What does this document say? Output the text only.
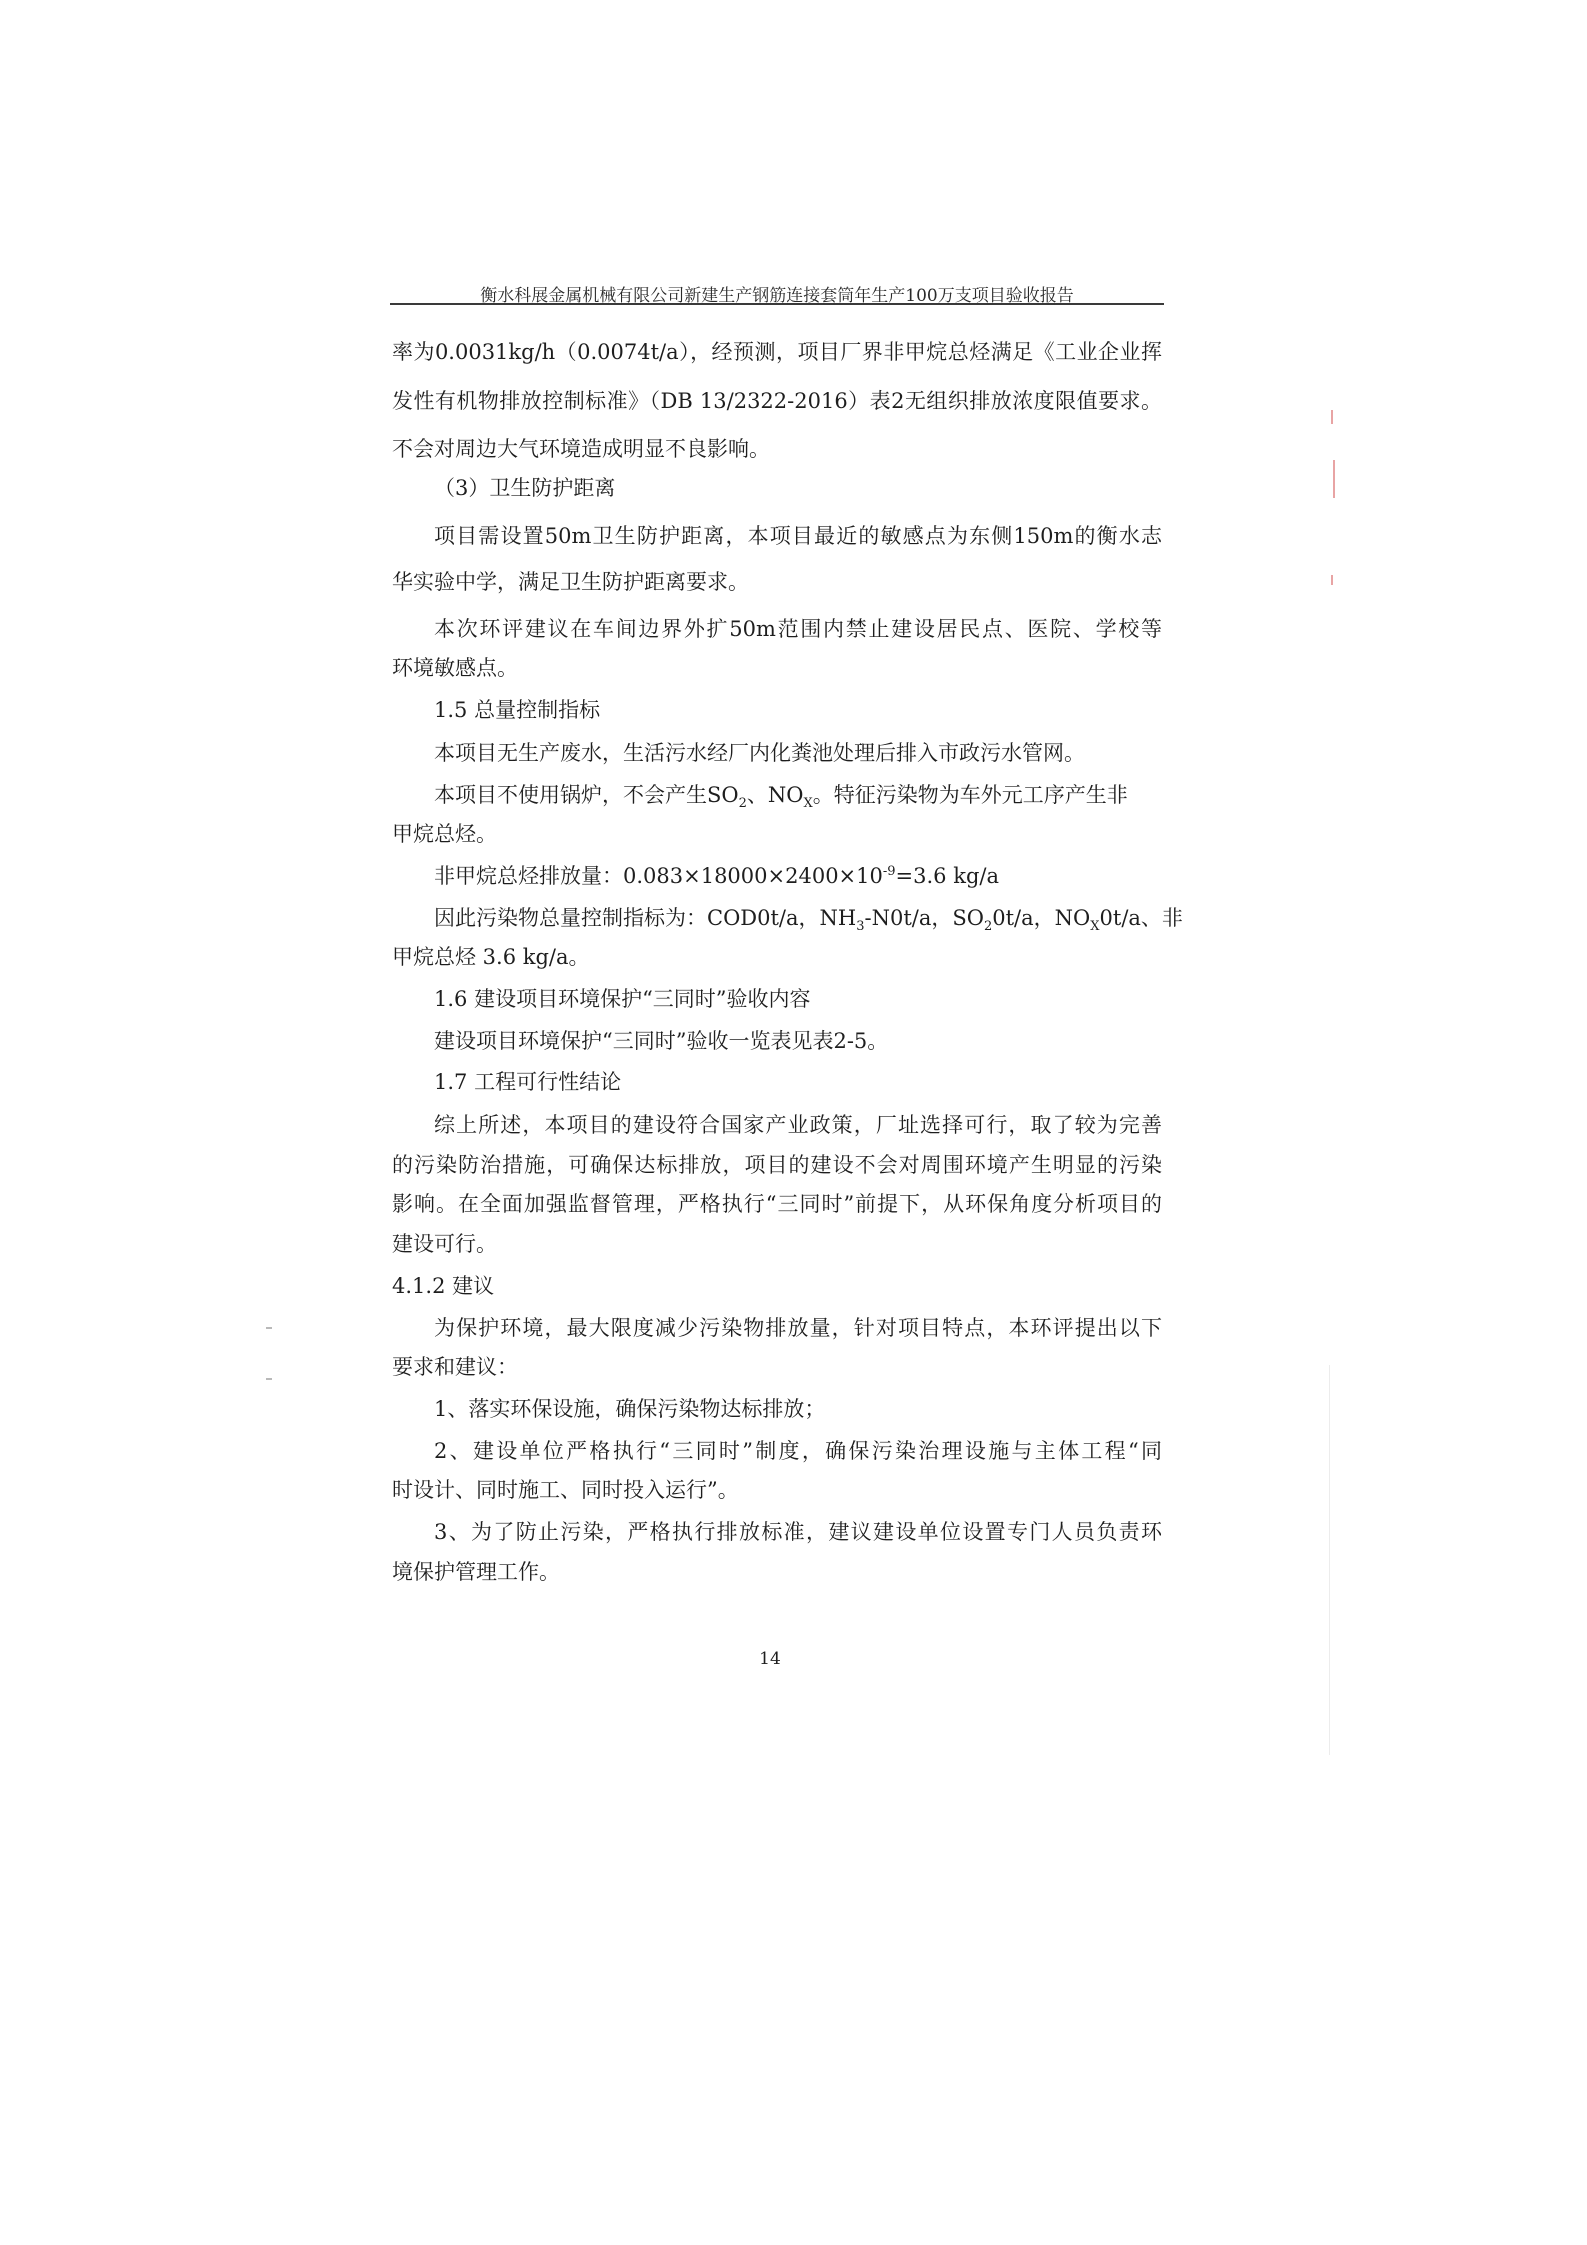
衡水科展金属机械有限公司新建生产钢筋连接套筒年生产100万支项目验收报告
率为0.0031kg/h（0.0074t/a），经预测，项目厂界非甲烷总烃满足《工业企业挥
发性有机物排放控制标准》（DB 13/2322-2016）表2无组织排放浓度限值要求。
不会对周边大气环境造成明显不良影响。
（3）卫生防护距离
项目需设置50m卫生防护距离，本项目最近的敏感点为东侧150m的衡水志
华实验中学，满足卫生防护距离要求。
本次环评建议在车间边界外扩50m范围内禁止建设居民点、医院、学校等
环境敏感点。
1.5 总量控制指标
本项目无生产废水，生活污水经厂内化粪池处理后排入市政污水管网。
本项目不使用锅炉，不会产生$SO_2$、$NO_X$。特征污染物为车外元工序产生非
甲烷总烃。
非甲烷总烃排放量：$0.083\times 18000\times 2400\times 10^{-9}=3.6$ kg/a
因此污染物总量控制指标为：COD0t/a，$NH_3-N0t/a$，$SO_20t/a$，$NO_X0t/a$、非
甲烷总烃 3.6 kg/a。
1.6 建设项目环境保护“三同时”验收内容
建设项目环境保护“三同时”验收一览表见表2-5。
1.7 工程可行性结论
综上所述，本项目的建设符合国家产业政策，厂址选择可行，取了较为完善
的污染防治措施，可确保达标排放，项目的建设不会对周围环境产生明显的污染
影响。在全面加强监督管理，严格执行“三同时”前提下，从环保角度分析项目的
建设可行。
4.1.2 建议
为保护环境，最大限度减少污染物排放量，针对项目特点，本环评提出以下
要求和建议：
1、落实环保设施，确保污染物达标排放；
2、建设单位严格执行“三同时”制度，确保污染治理设施与主体工程“同
时设计、同时施工、同时投入运行”。
3、为了防止污染，严格执行排放标准，建议建设单位设置专门人员负责环
境保护管理工作。
14
